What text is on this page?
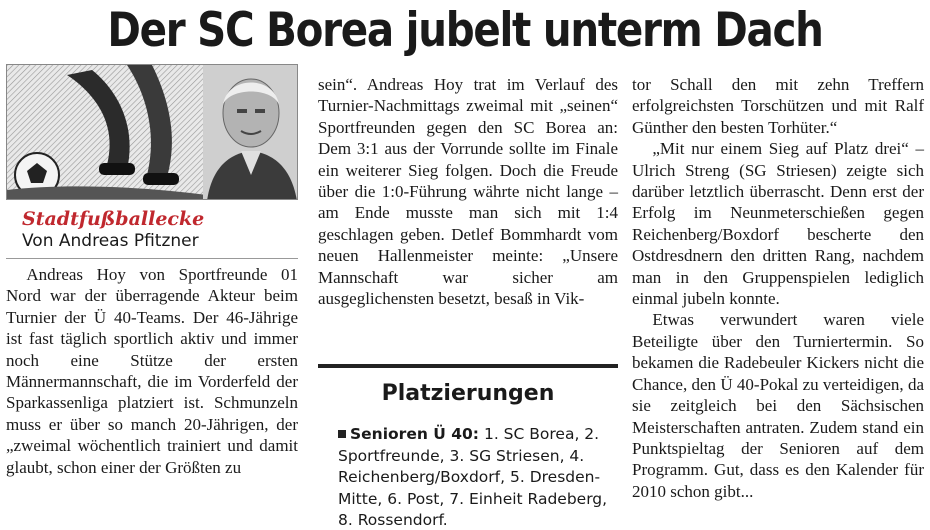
Der SC Borea jubelt unterm Dach
Stadtfußballecke
Von Andreas Pfitzner

Andreas Hoy von Sportfreunde 01 Nord war der überragende Akteur beim Turnier der Ü 40-Teams. Der 46-Jährige ist fast täglich sportlich aktiv und immer noch eine Stütze der ersten Männermannschaft, die im Vorderfeld der Sparkassenliga platziert ist. Schmunzeln muss er über so manch 20-Jährigen, der „zweimal wöchentlich trainiert und damit glaubt, schon einer der Größten zu

sein“. Andreas Hoy trat im Verlauf des Turnier-Nachmittags zweimal mit „seinen“ Sportfreunden gegen den SC Borea an: Dem 3:1 aus der Vorrunde sollte im Finale ein weiterer Sieg folgen. Doch die Freude über die 1:0-Führung währte nicht lange – am Ende musste man sich mit 1:4 geschlagen geben. Detlef Bommhardt vom neuen Hallenmeister meinte: „Unsere Mannschaft war sicher am ausgeglichensten besetzt, besaß in Vik-

Platzierungen
Senioren Ü 40: 1. SC Borea, 2. Sportfreunde, 3. SG Striesen, 4. Reichenberg/Boxdorf, 5. Dresden-Mitte, 6. Post, 7. Einheit Radeberg, 8. Rossendorf.

tor Schall den mit zehn Treffern erfolgreichsten Torschützen und mit Ralf Günther den besten Torhüter.“

„Mit nur einem Sieg auf Platz drei“ – Ulrich Streng (SG Striesen) zeigte sich darüber letztlich überrascht. Denn erst der Erfolg im Neunmeterschießen gegen Reichenberg/Boxdorf bescherte den Ostdresdnern den dritten Rang, nachdem man in den Gruppenspielen lediglich einmal jubeln konnte.

Etwas verwundert waren viele Beteiligte über den Turniertermin. So bekamen die Radebeuler Kickers nicht die Chance, den Ü 40-Pokal zu verteidigen, da sie zeitgleich bei den Sächsischen Meisterschaften antraten. Zudem stand ein Punktspieltag der Senioren auf dem Programm. Gut, dass es den Kalender für 2010 schon gibt...
